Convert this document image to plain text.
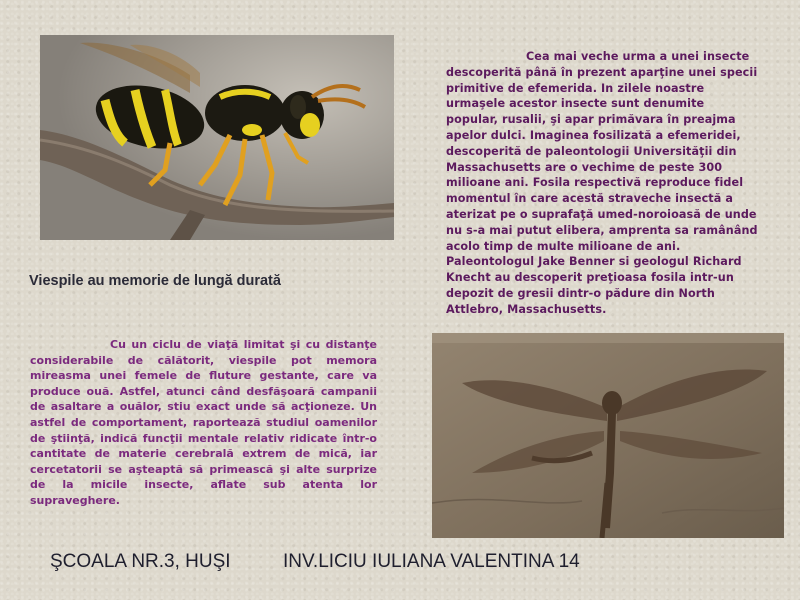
Cea mai veche urma a unei insecte descoperită până în prezent aparţine unei specii primitive de efemerida. In zilele noastre urmaşele acestor insecte sunt denumite popular, rusalii, şi apar primăvara în preajma apelor dulci. Imaginea fosilizată a efemeridei, descoperită de paleontologii Universităţii din Massachusetts are o vechime de peste 300 milioane ani. Fosila respectivă reproduce fidel momentul în care acestă straveche insectă a aterizat pe o suprafaţă umed-noroioasă de unde nu s-a mai putut elibera, amprenta sa ramânând acolo timp de multe milioane de ani. Paleontologul Jake Benner si geologul Richard Knecht au descoperit preţioasa fosila intr-un depozit de gresii dintr-o pădure din North Attlebro, Massachusetts.
Viespile au memorie de lungă durată
Cu un ciclu de viaţă limitat şi cu distanţe considerabile de călătorit, viespile pot memora mireasma unei femele de fluture gestante, care va produce ouă. Astfel, atunci când desfăşoară campanii de asaltare a ouălor, stiu exact unde să acţioneze. Un astfel de comportament, raportează studiul oamenilor de ştiinţă, indică funcţii mentale relativ ridicate într-o cantitate de materie cerebrală extrem de mică, iar cercetatorii se aşteaptă să primească şi alte surprize de la micile insecte, aflate sub atenta lor supraveghere.
ŞCOALA NR.3, HUŞI	INV.LICIU IULIANA VALENTINA 14
